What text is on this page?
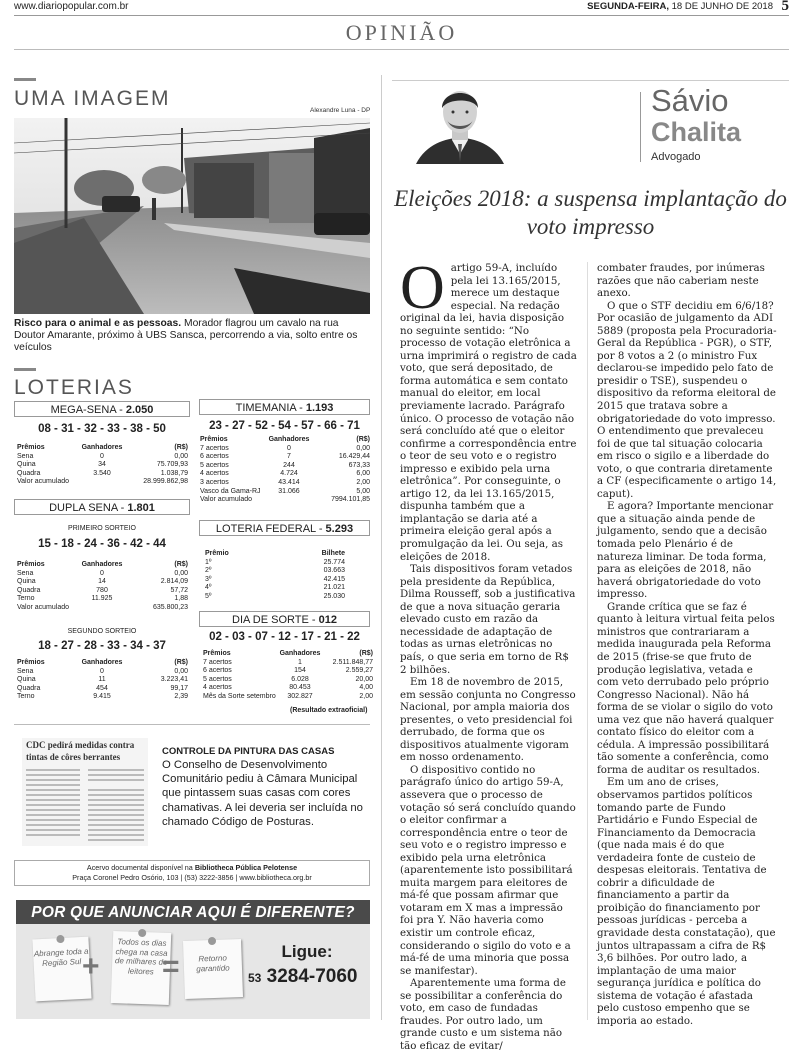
www.diariopopular.com.br	SEGUNDA-FEIRA, 18 DE JUNHO DE 2018 5
OPINIÃO
UMA IMAGEM
Alexandre Luna - DP
Risco para o animal e as pessoas. Morador flagrou um cavalo na rua Doutor Amarante, próximo à UBS Sansca, percorrendo a via, solto entre os veículos
LOTERIAS
MEGA-SENA - 2.050
08 - 31 - 32 - 33 - 38 - 50
Prêmios	Ganhadores	(R$)
Sena	0	0,00
Quina	34	75.709,93
Quadra	3.540	1.038,79
Valor acumulado		28.999.862,98
DUPLA SENA - 1.801
PRIMEIRO SORTEIO
15 - 18 - 24 - 36 - 42 - 44
Prêmios	Ganhadores	(R$)
Sena	0	0,00
Quina	14	2.814,09
Quadra	780	57,72
Terno	11.925	1,88
Valor acumulado		635.800,23
SEGUNDO SORTEIO
18 - 27 - 28 - 33 - 34 - 37
Prêmios	Ganhadores	(R$)
Sena	0	0,00
Quina	11	3.223,41
Quadra	454	99,17
Terno	9.415	2,39
TIMEMANIA - 1.193
23 - 27 - 52 - 54 - 57 - 66 - 71
Prêmios	Ganhadores	(R$)
7 acertos	0	0,00
6 acertos	7	16.429,44
5 acertos	244	673,33
4 acertos	4.724	6,00
3 acertos	43.414	2,00
Vasco da Gama-RJ	31.066	5,00
Valor acumulado		7994.101,85
LOTERIA FEDERAL - 5.293
Prêmio	Bilhete
1º	25.774
2º	03.663
3º	42.415
4º	21.021
5º	25.030
DIA DE SORTE - 012
02 - 03 - 07 - 12 - 17 - 21 - 22
Prêmios	Ganhadores	(R$)
7 acertos	1	2.511.848,77
6 acertos	154	2.559,27
5 acertos	6.028	20,00
4 acertos	80.453	4,00
Mês da Sorte setembro	302.827	2,00
(Resultado extraoficial)
CDC pedirá medidas contra
tintas de côres berrantes	CONTROLE DA PINTURA DAS CASAS
O Conselho de Desenvolvimento Comunitário pediu à Câmara Municipal que pintassem suas casas com cores chamativas. A lei deveria ser incluída no chamado Código de Posturas.
Acervo documental disponível na Bibliotheca Pública Pelotense
Praça Coronel Pedro Osório, 103 | (53) 3222-3856 | www.bibliotheca.org.br
POR QUE ANUNCIAR AQUI É DIFERENTE?
Abrange toda a Região Sul +
Todos os dias chega na casa de milhares de leitores =	Retorno garantido
Ligue:
53 3284-7060
Sávio
Chalita
Advogado
Eleições 2018: a suspensa implantação do voto impresso

Oartigo 59-A, incluído pela lei 13.165/2015, merece um destaque especial. Na redação original da lei, havia disposição no seguinte sentido: “No processo de votação eletrônica a urna imprimirá o registro de cada voto, que será depositado, de forma automática e sem contato manual do eleitor, em local previamente lacrado. Parágrafo único. O processo de votação não será concluído até que o eleitor confirme a correspondência entre o teor de seu voto e o registro impresso e exibido pela urna eletrônica”. Por conseguinte, o artigo 12, da lei 13.165/2015, dispunha também que a implantação se daria até a primeira eleição geral após a promulgação da lei. Ou seja, as eleições de 2018.

Tais dispositivos foram vetados pela presidente da República, Dilma Rousseff, sob a justificativa de que a nova situação geraria elevado custo em razão da necessidade de adaptação de todas as urnas eletrônicas no país, o que seria em torno de R$ 2 bilhões.

Em 18 de novembro de 2015, em sessão conjunta no Congresso Nacional, por ampla maioria dos presentes, o veto presidencial foi derrubado, de forma que os dispositivos atualmente vigoram em nosso ordenamento.

O dispositivo contido no parágrafo único do artigo 59-A, assevera que o processo de votação só será concluído quando o eleitor confirmar a correspondência entre o teor de seu voto e o registro impresso e exibido pela urna eletrônica (aparentemente isto possibilitará muita margem para eleitores de má-fé que possam afirmar que votaram em X mas a impressão foi pra Y. Não haveria como existir um controle eficaz, considerando o sigilo do voto e a má-fé de uma minoria que possa se manifestar).

Aparentemente uma forma de se possibilitar a conferência do voto, em caso de fundadas fraudes. Por outro lado, um grande custo e um sistema não tão eficaz de evitar/

combater fraudes, por inúmeras razões que não caberiam neste anexo.

O que o STF decidiu em 6/6/18? Por ocasião de julgamento da ADI 5889 (proposta pela Procuradoria-Geral da República - PGR), o STF, por 8 votos a 2 (o ministro Fux declarou-se impedido pelo fato de presidir o TSE), suspendeu o dispositivo da reforma eleitoral de 2015 que tratava sobre a obrigatoriedade do voto impresso. O entendimento que prevaleceu foi de que tal situação colocaria em risco o sigilo e a liberdade do voto, o que contraria diretamente a CF (especificamente o artigo 14, caput).

E agora? Importante mencionar que a situação ainda pende de julgamento, sendo que a decisão tomada pelo Plenário é de natureza liminar. De toda forma, para as eleições de 2018, não haverá obrigatoriedade do voto impresso.

Grande crítica que se faz é quanto à leitura virtual feita pelos ministros que contrariaram a medida inaugurada pela Reforma de 2015 (frise-se que fruto de produção legislativa, vetada e com veto derrubado pelo próprio Congresso Nacional). Não há forma de se violar o sigilo do voto uma vez que não haverá qualquer contato físico do eleitor com a cédula. A impressão possibilitará tão somente a conferência, como forma de auditar os resultados.

Em um ano de crises, observamos partidos políticos tomando parte de Fundo Partidário e Fundo Especial de Financiamento da Democracia (que nada mais é do que verdadeira fonte de custeio de despesas eleitorais. Tentativa de cobrir a dificuldade de financiamento a partir da proibição do financiamento por pessoas jurídicas - perceba a gravidade desta constatação), que juntos ultrapassam a cifra de R$ 3,6 bilhões. Por outro lado, a implantação de uma maior segurança jurídica e política do sistema de votação é afastada pelo custoso empenho que se imporia ao estado.
